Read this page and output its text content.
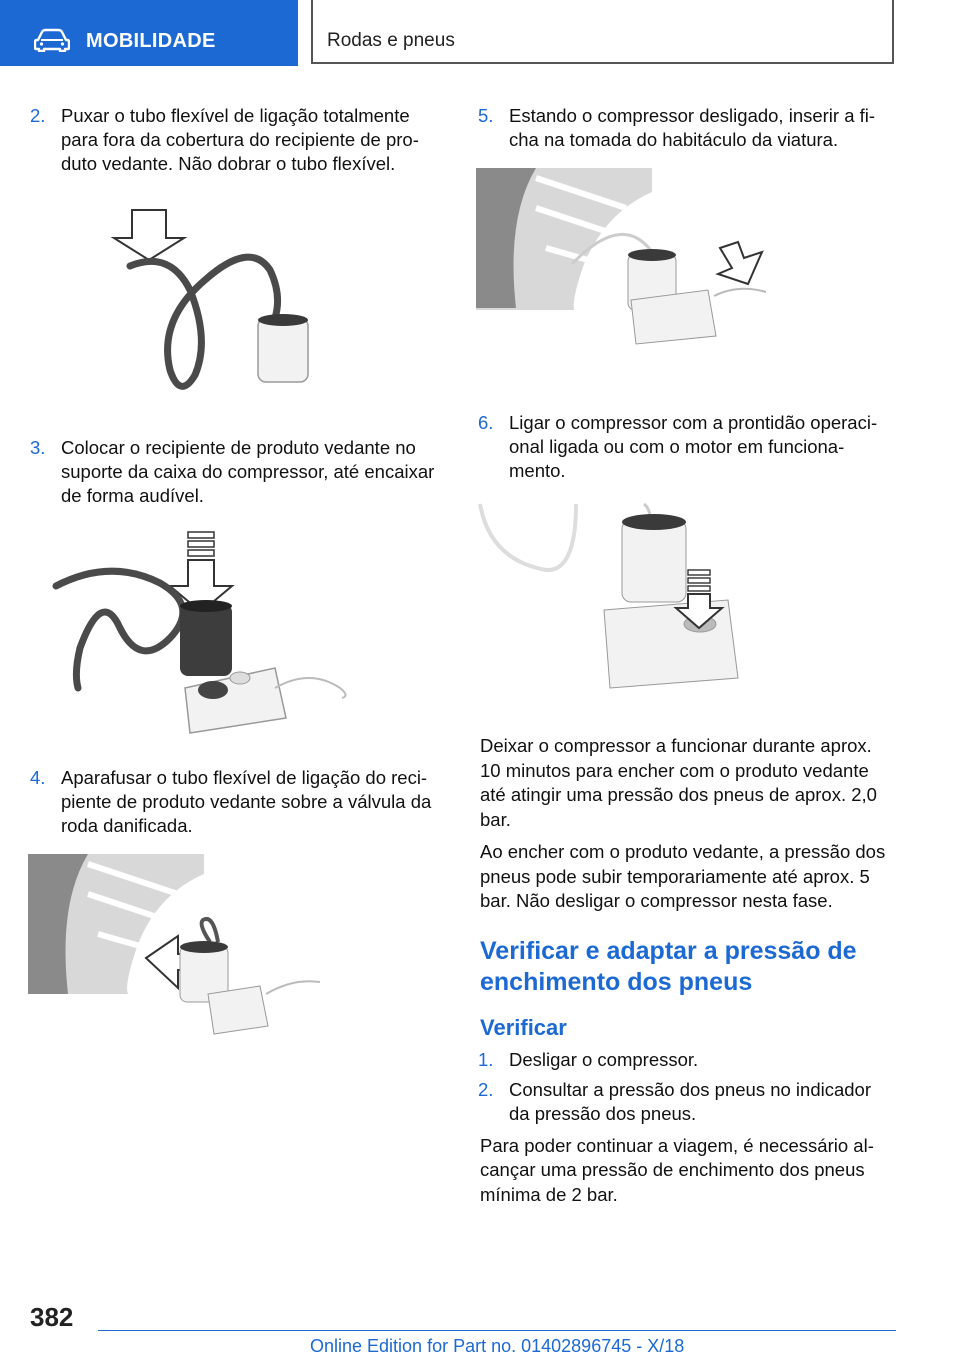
MOBILIDADE	Rodas e pneus

2. Puxar o tubo flexível de ligação totalmente para fora da cobertura do recipiente de pro-duto vedante. Não dobrar o tubo flexível.

3. Colocar o recipiente de produto vedante no suporte da caixa do compressor, até encaixar de forma audível.

4. Aparafusar o tubo flexível de ligação do reci-piente de produto vedante sobre a válvula da roda danificada.

5. Estando o compressor desligado, inserir a fi-cha na tomada do habitáculo da viatura.

6. Ligar o compressor com a prontidão operaci-onal ligada ou com o motor em funciona-mento.

Deixar o compressor a funcionar durante aprox. 10 minutos para encher com o produto vedante até atingir uma pressão dos pneus de aprox. 2,0 bar.

Ao encher com o produto vedante, a pressão dos pneus pode subir temporariamente até aprox. 5 bar. Não desligar o compressor nesta fase.

Verificar e adaptar a pressão de enchimento dos pneus
Verificar

1. Desligar o compressor.

2. Consultar a pressão dos pneus no indicador da pressão dos pneus.

Para poder continuar a viagem, é necessário al-cançar uma pressão de enchimento dos pneus mínima de 2 bar.

382
Online Edition for Part no. 01402896745 - X/18
